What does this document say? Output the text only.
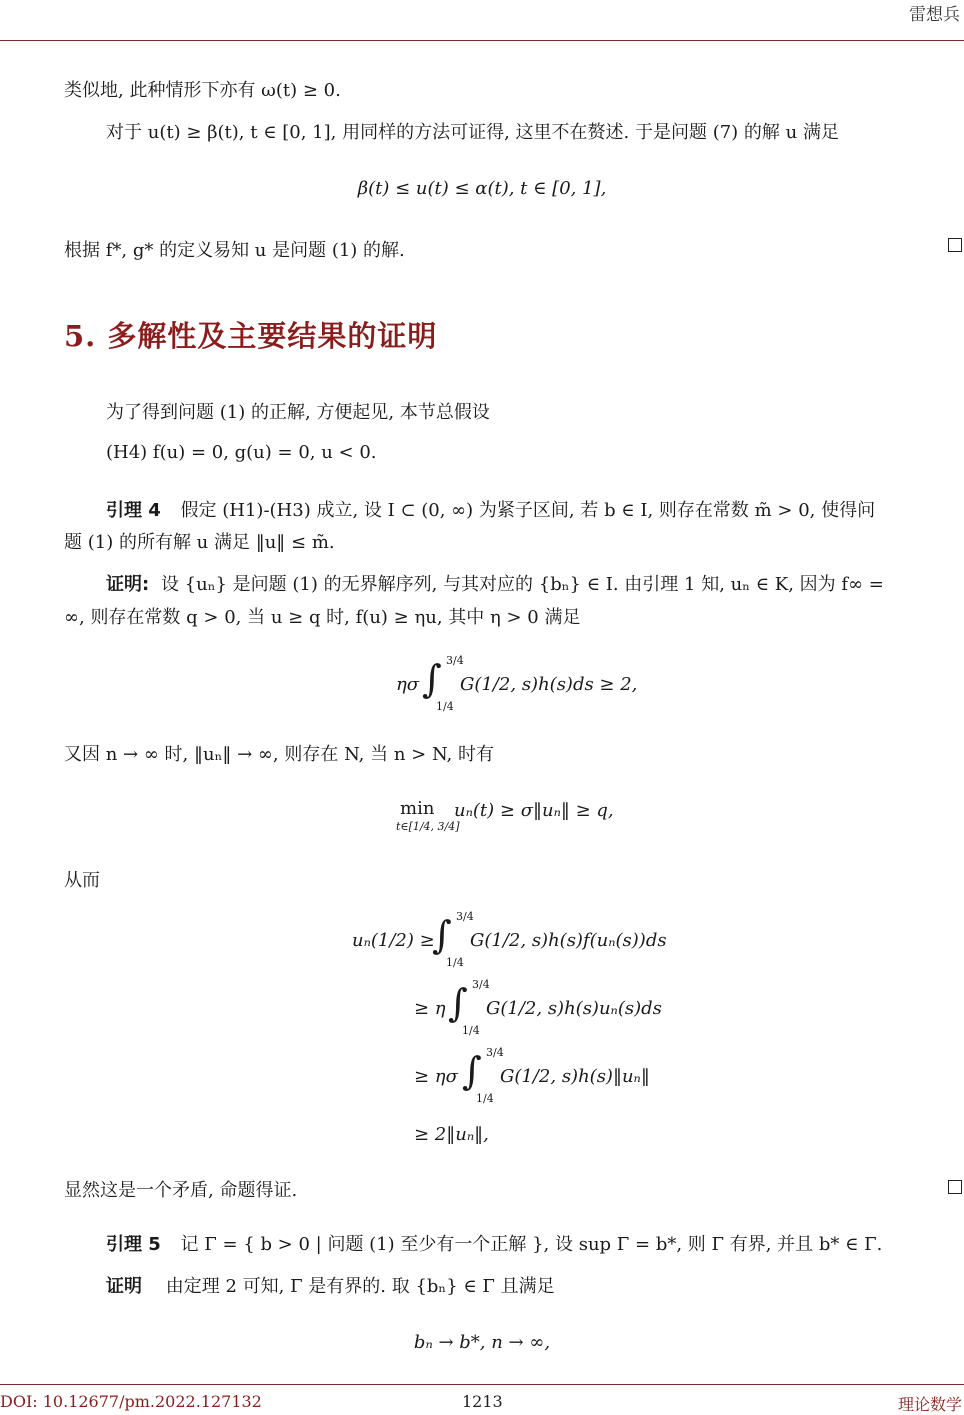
雷想兵
类似地, 此种情形下亦有 ω(t) ≥ 0.
对于 u(t) ≥ β(t), t ∈ [0, 1], 用同样的方法可证得, 这里不在赘述. 于是问题 (7) 的解 u 满足
β(t) ≤ u(t) ≤ α(t), t ∈ [0, 1],
根据 f*, g* 的定义易知 u 是问题 (1) 的解.
5. 多解性及主要结果的证明
为了得到问题 (1) 的正解, 方便起见, 本节总假设
(H4) f(u) = 0, g(u) = 0, u < 0.
引理 4 假定 (H1)-(H3) 成立, 设 I ⊂ (0, ∞) 为紧子区间, 若 b ∈ I, 则存在常数 m̃ > 0, 使得问
题 (1) 的所有解 u 满足 ‖u‖ ≤ m̃.
证明: 设 {uₙ} 是问题 (1) 的无界解序列, 与其对应的 {bₙ} ∈ I. 由引理 1 知, uₙ ∈ K, 因为 f∞ =
∞, 则存在常数 q > 0, 当 u ≥ q 时, f(u) ≥ ηu, 其中 η > 0 满足
ησ ∫ 3/4
1/4
G(1/2, s)h(s)ds ≥ 2,
又因 n → ∞ 时, ‖uₙ‖ → ∞, 则存在 N, 当 n > N, 时有
min
t∈[1/4, 3/4]
uₙ(t) ≥ σ‖uₙ‖ ≥ q,
从而
uₙ(1/2) ≥
∫ 3/4
1/4
G(1/2, s)h(s)f(uₙ(s))ds
≥ η ∫ 3/4
1/4
G(1/2, s)h(s)uₙ(s)ds
≥ ησ ∫ 3/4
1/4
G(1/2, s)h(s)‖uₙ‖
≥ 2‖uₙ‖,
显然这是一个矛盾, 命题得证.
引理 5 记 Γ = { b > 0 | 问题 (1) 至少有一个正解 }, 设 sup Γ = b*, 则 Γ 有界, 并且 b* ∈ Γ.
证明 由定理 2 可知, Γ 是有界的. 取 {bₙ} ∈ Γ 且满足
bₙ → b*, n → ∞,
DOI: 10.12677/pm.2022.127132	1213	理论数学
